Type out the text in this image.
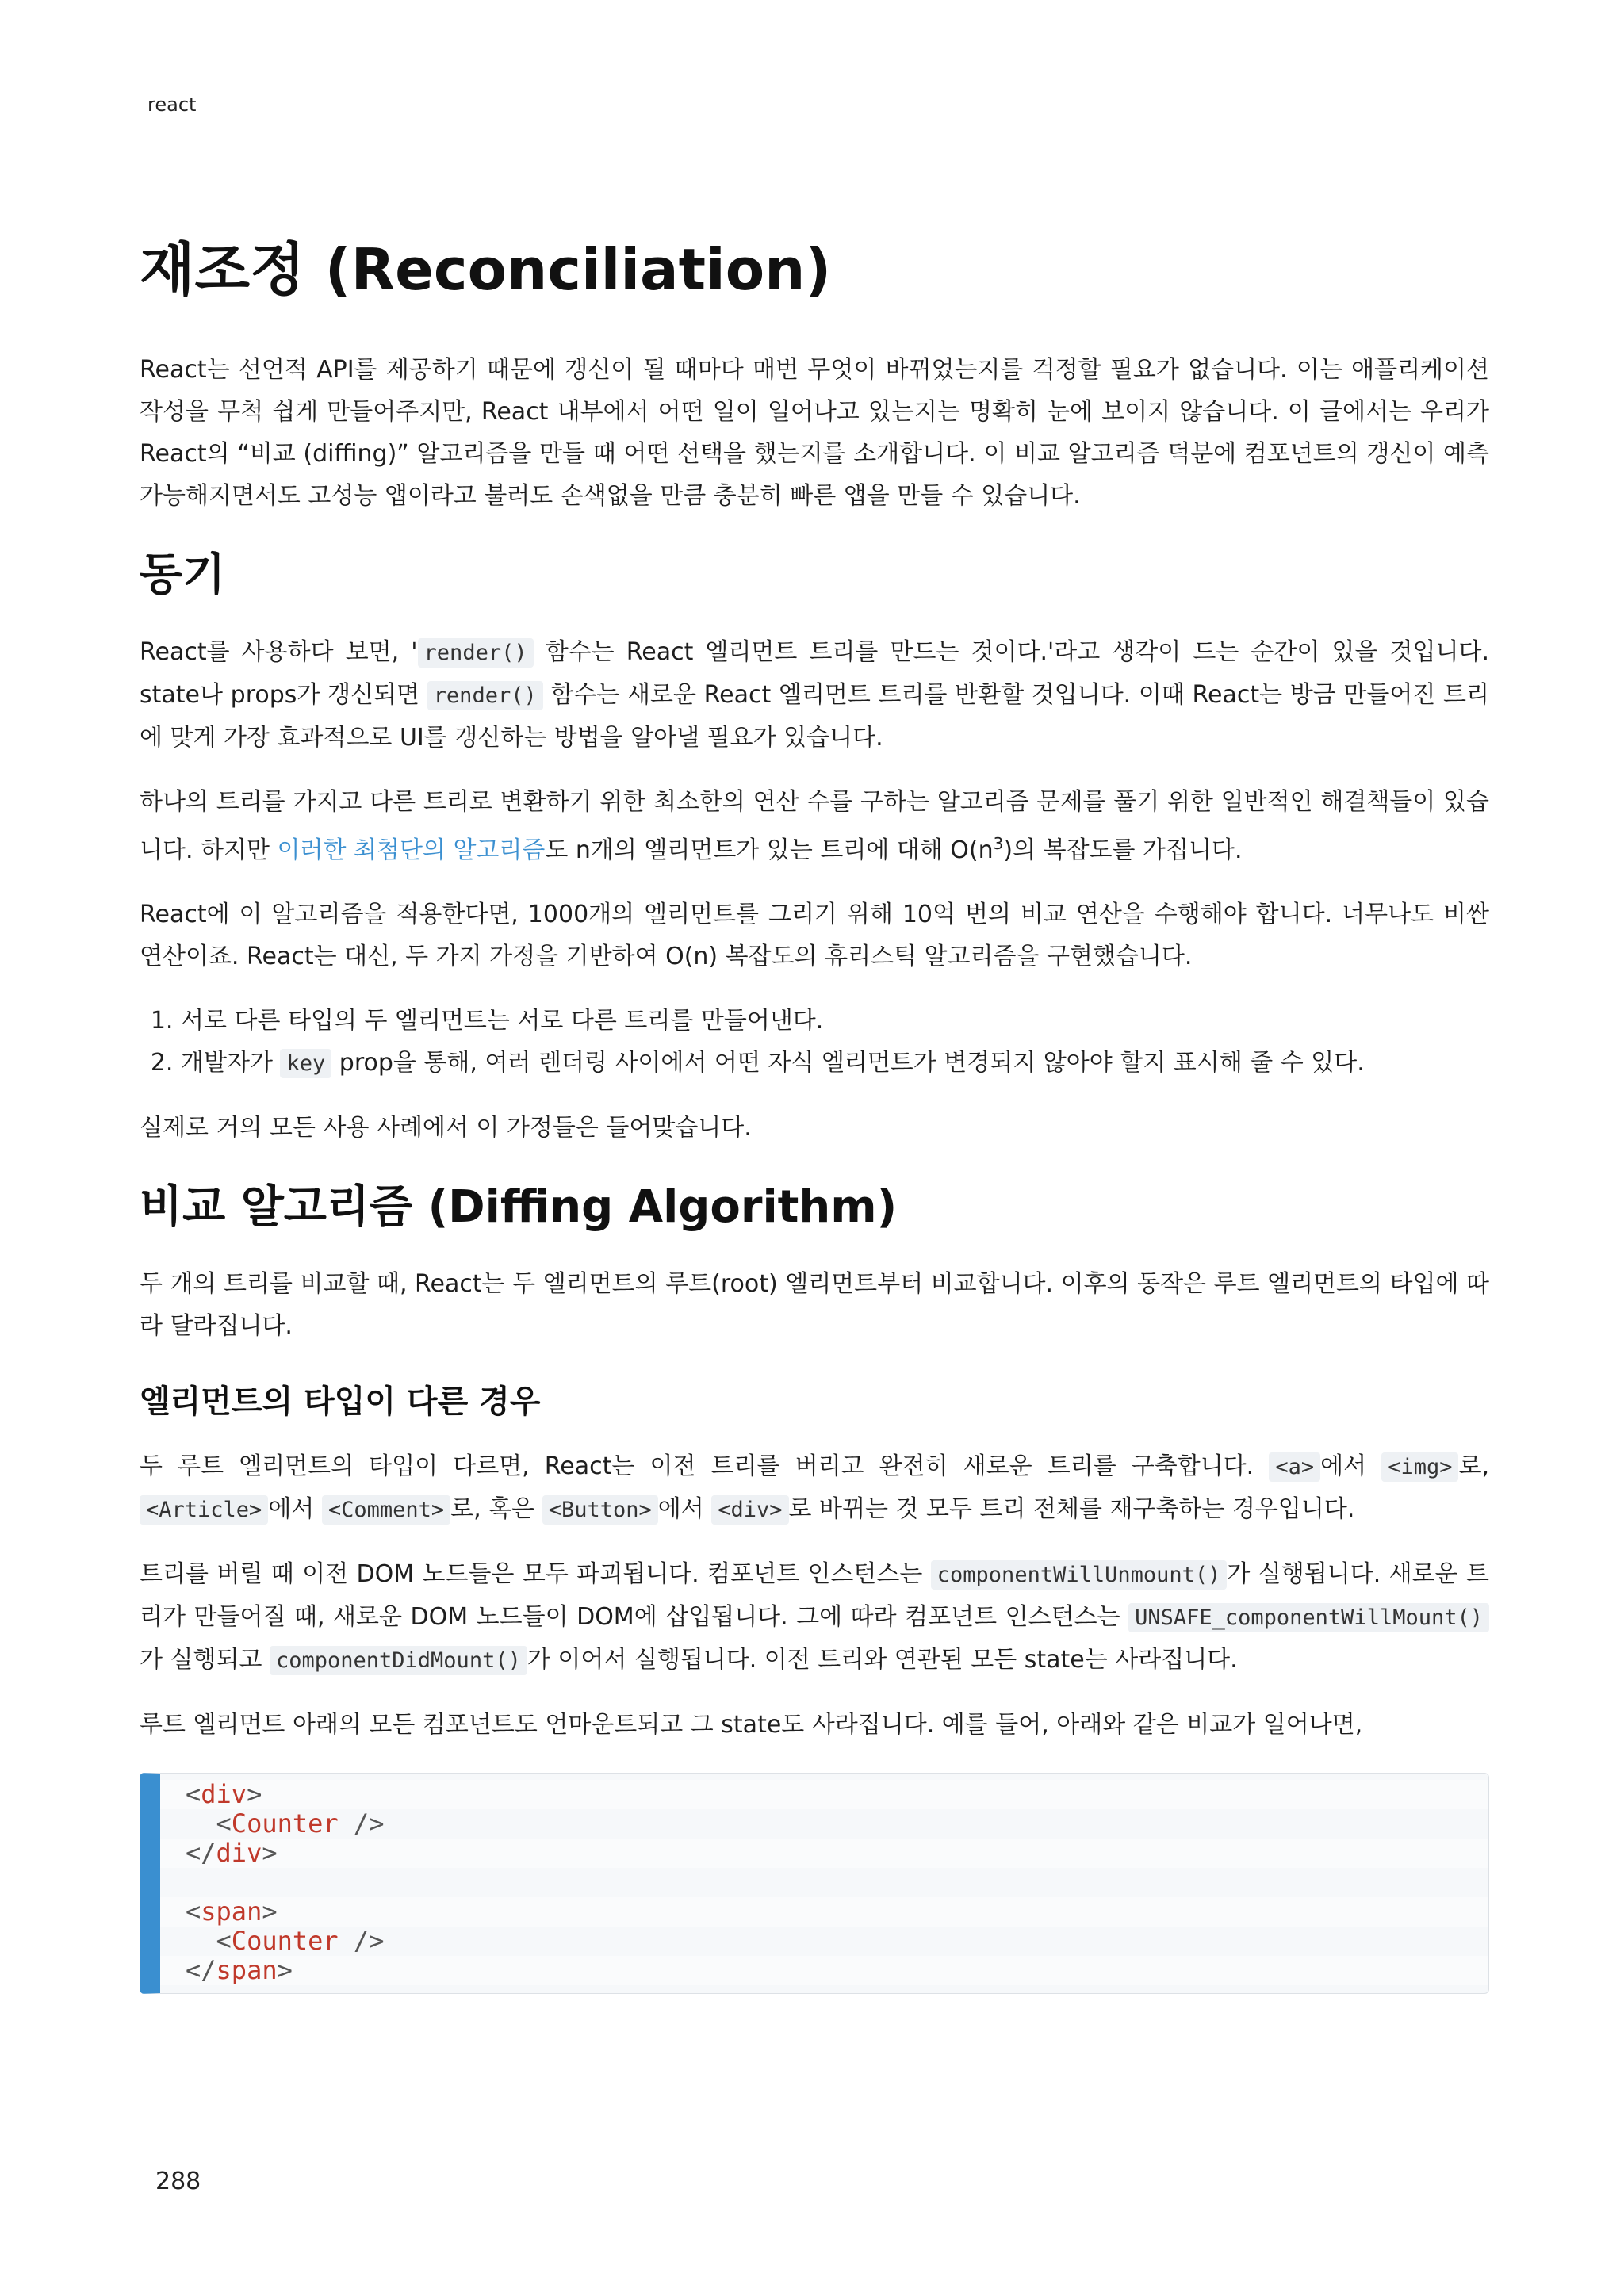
react
재조정 (Reconciliation)

React는 선언적 API를 제공하기 때문에 갱신이 될 때마다 매번 무엇이 바뀌었는지를 걱정할 필요가 없습니다. 이는 애플리케이션 작성을 무척 쉽게 만들어주지만, React 내부에서 어떤 일이 일어나고 있는지는 명확히 눈에 보이지 않습니다. 이 글에서는 우리가 React의 “비교 (diffing)” 알고리즘을 만들 때 어떤 선택을 했는지를 소개합니다. 이 비교 알고리즘 덕분에 컴포넌트의 갱신이 예측 가능해지면서도 고성능 앱이라고 불러도 손색없을 만큼 충분히 빠른 앱을 만들 수 있습니다.

동기

React를 사용하다 보면, ' render() 함수는 React 엘리먼트 트리를 만드는 것이다.'라고 생각이 드는 순간이 있을 것입니다. state나 props가 갱신되면 render() 함수는 새로운 React 엘리먼트 트리를 반환할 것입니다. 이때 React는 방금 만들어진 트리에 맞게 가장 효과적으로 UI를 갱신하는 방법을 알아낼 필요가 있습니다.

하나의 트리를 가지고 다른 트리로 변환하기 위한 최소한의 연산 수를 구하는 알고리즘 문제를 풀기 위한 일반적인 해결책들이 있습니다. 하지만 이러한 최첨단의 알고리즘도 n개의 엘리먼트가 있는 트리에 대해 $O(n^3)$의 복잡도를 가집니다.

React에 이 알고리즘을 적용한다면, 1000개의 엘리먼트를 그리기 위해 10억 번의 비교 연산을 수행해야 합니다. 너무나도 비싼 연산이죠. React는 대신, 두 가지 가정을 기반하여 O(n) 복잡도의 휴리스틱 알고리즘을 구현했습니다.

1. 서로 다른 타입의 두 엘리먼트는 서로 다른 트리를 만들어낸다.
2. 개발자가 key prop을 통해, 여러 렌더링 사이에서 어떤 자식 엘리먼트가 변경되지 않아야 할지 표시해 줄 수 있다.

실제로 거의 모든 사용 사례에서 이 가정들은 들어맞습니다.

비교 알고리즘 (Diffing Algorithm)

두 개의 트리를 비교할 때, React는 두 엘리먼트의 루트(root) 엘리먼트부터 비교합니다. 이후의 동작은 루트 엘리먼트의 타입에 따라 달라집니다.

엘리먼트의 타입이 다른 경우

두 루트 엘리먼트의 타입이 다르면, React는 이전 트리를 버리고 완전히 새로운 트리를 구축합니다. <a> 에서 <img> 로, <Article> 에서 <Comment> 로, 혹은 <Button> 에서 <div> 로 바뀌는 것 모두 트리 전체를 재구축하는 경우입니다.

트리를 버릴 때 이전 DOM 노드들은 모두 파괴됩니다. 컴포넌트 인스턴스는 componentWillUnmount() 가 실행됩니다. 새로운 트리가 만들어질 때, 새로운 DOM 노드들이 DOM에 삽입됩니다. 그에 따라 컴포넌트 인스턴스는 UNSAFE_componentWillMount()가 실행되고 componentDidMount() 가 이어서 실행됩니다. 이전 트리와 연관된 모든 state는 사라집니다.

루트 엘리먼트 아래의 모든 컴포넌트도 언마운트되고 그 state도 사라집니다. 예를 들어, 아래와 같은 비교가 일어나면,

<div>
<Counter />
</div>
<span>
<Counter />
</span>
288
